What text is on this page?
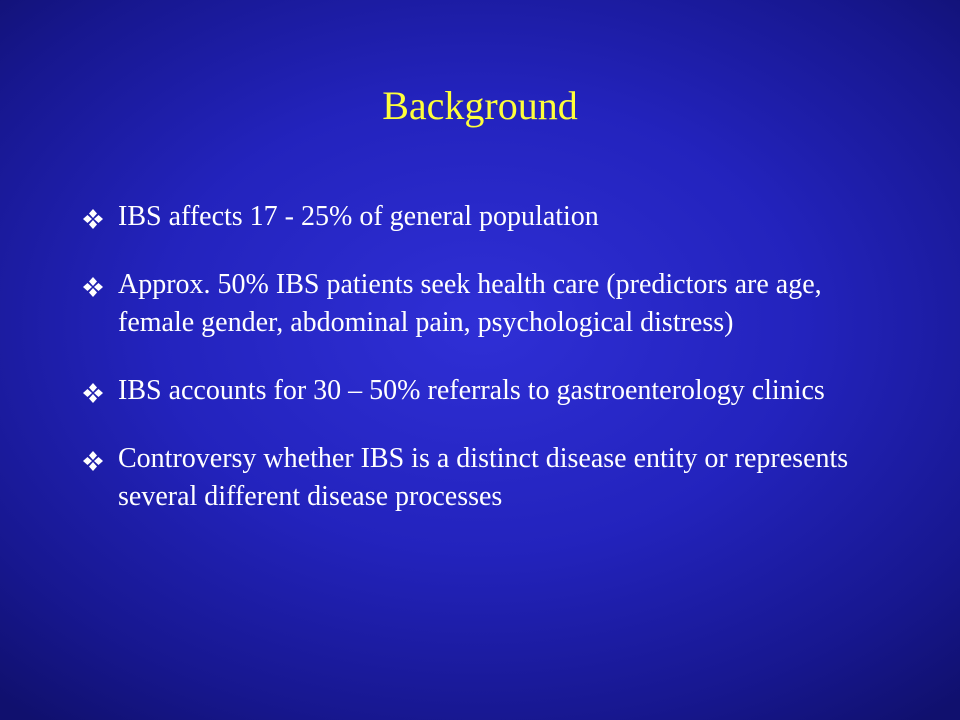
Background
IBS affects 17 - 25% of general population
Approx. 50% IBS patients seek health care (predictors are age, female gender, abdominal pain, psychological distress)
IBS accounts for 30 – 50% referrals to gastroenterology clinics
Controversy whether IBS is a distinct disease entity or represents several different disease processes
